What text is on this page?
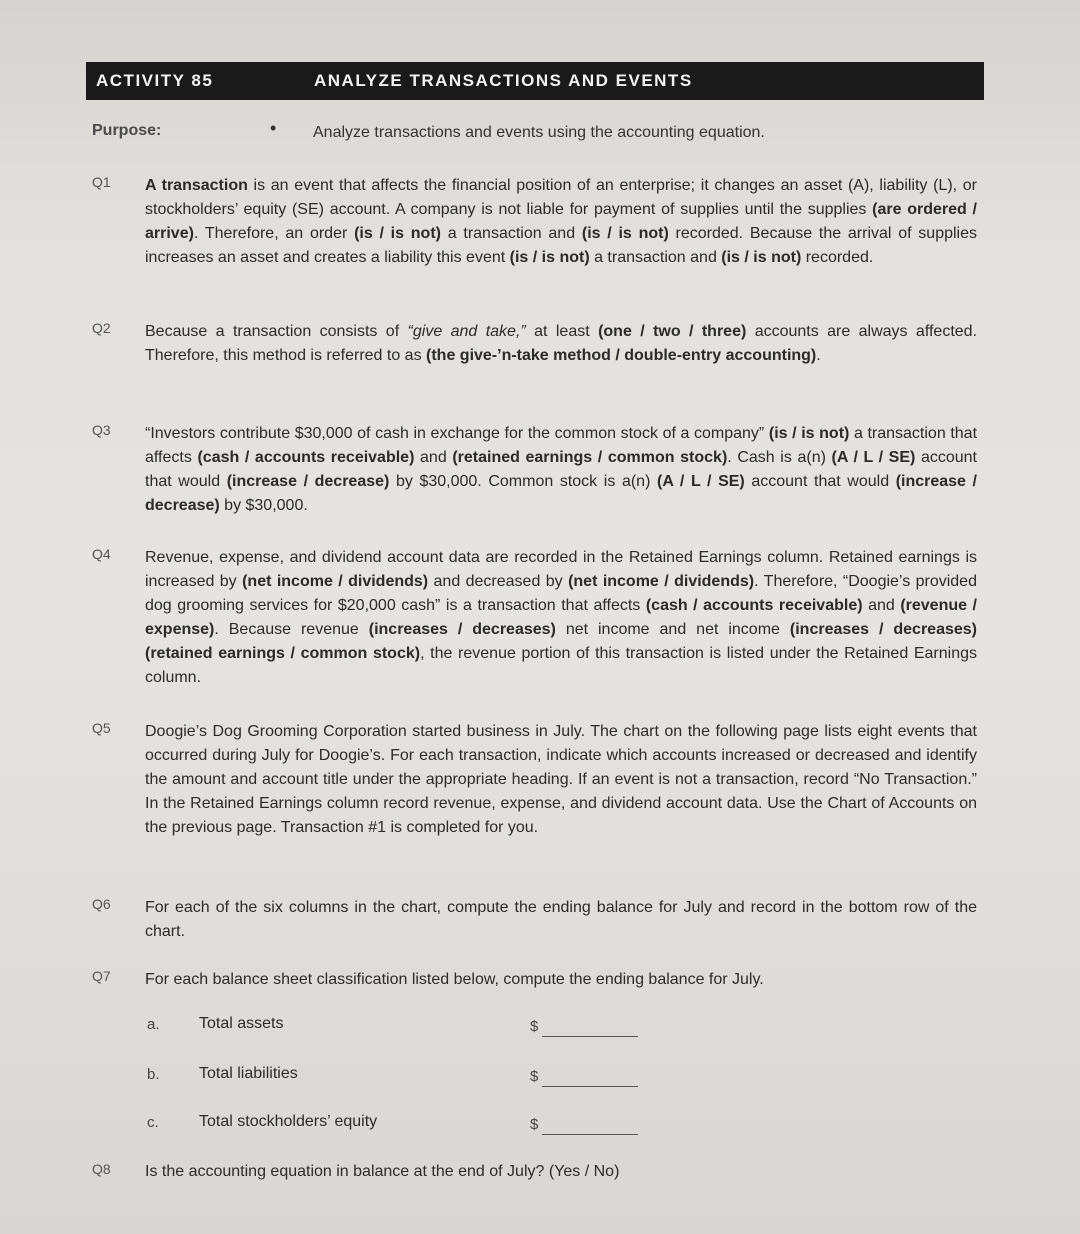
ACTIVITY 85	ANALYZE TRANSACTIONS AND EVENTS
Purpose:	• Analyze transactions and events using the accounting equation.
Q1 A transaction is an event that affects the financial position of an enterprise; it changes an asset (A), liability (L), or stockholders’ equity (SE) account. A company is not liable for payment of supplies until the supplies (are ordered / arrive). Therefore, an order (is / is not) a transaction and (is / is not) recorded. Because the arrival of supplies increases an asset and creates a liability this event (is / is not) a transaction and (is / is not) recorded.
Q2 Because a transaction consists of “give and take,” at least (one / two / three) accounts are always affected. Therefore, this method is referred to as (the give-’n-take method / double-entry accounting).
Q3 “Investors contribute $30,000 of cash in exchange for the common stock of a company” (is / is not) a transaction that affects (cash / accounts receivable) and (retained earnings / common stock). Cash is a(n) (A / L / SE) account that would (increase / decrease) by $30,000. Common stock is a(n) (A / L / SE) account that would (increase / decrease) by $30,000.
Q4 Revenue, expense, and dividend account data are recorded in the Retained Earnings column. Retained earnings is increased by (net income / dividends) and decreased by (net income / dividends). Therefore, “Doogie’s provided dog grooming services for $20,000 cash” is a transaction that affects (cash / accounts receivable) and (revenue / expense). Because revenue (increases / decreases) net income and net income (increases / decreases) (retained earnings / common stock), the revenue portion of this transaction is listed under the Retained Earnings column.
Q5 Doogie’s Dog Grooming Corporation started business in July. The chart on the following page lists eight events that occurred during July for Doogie’s. For each transaction, indicate which accounts increased or decreased and identify the amount and account title under the appropriate heading. If an event is not a transaction, record “No Transaction.” In the Retained Earnings column record revenue, expense, and dividend account data. Use the Chart of Accounts on the previous page. Transaction #1 is completed for you.
Q6 For each of the six columns in the chart, compute the ending balance for July and record in the bottom row of the chart.
Q7 For each balance sheet classification listed below, compute the ending balance for July.
a. Total assets	$
b. Total liabilities	$
c.	Total stockholders’ equity	$
Q8 Is the accounting equation in balance at the end of July? (Yes / No)
